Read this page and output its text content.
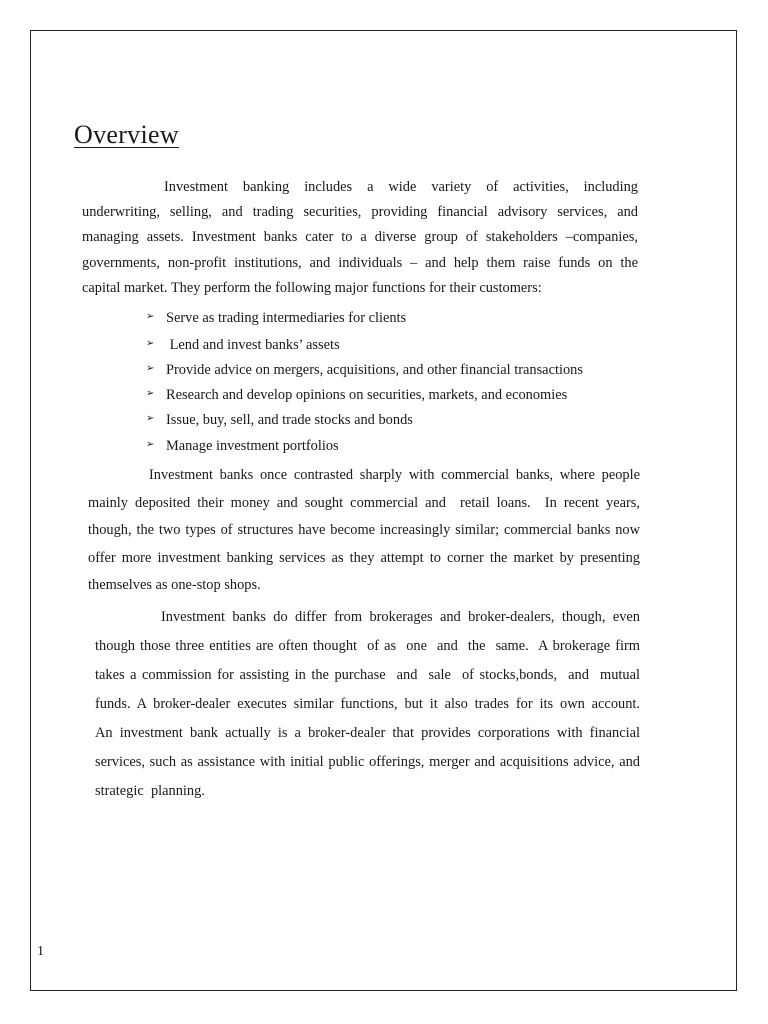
Overview

Investment banking includes a wide variety of activities, including
underwriting, selling, and trading securities, providing financial advisory services, and
managing assets. Investment banks cater to a diverse group of stakeholders –companies,
governments, non-profit institutions, and individuals – and help them raise funds on the
capital market. They perform the following major functions for their customers:

➢ Serve as trading intermediaries for clients
➢ Lend and invest banks’ assets
➢ Provide advice on mergers, acquisitions, and other financial transactions
➢ Research and develop opinions on securities, markets, and economies
➢ Issue, buy, sell, and trade stocks and bonds
➢ Manage investment portfolios

Investment banks once contrasted sharply with commercial banks, where people
mainly deposited their money and sought commercial and  retail loans.  In recent years,
though, the two types of structures have become increasingly similar; commercial banks now
offer more investment banking services as they attempt to corner the market by presenting
themselves as one-stop shops.

Investment banks do differ from brokerages and broker-dealers, though, even
though those three entities are often thought  of as  one  and  the  same.  A brokerage firm
takes a commission for assisting in the purchase  and  sale  of stocks,bonds,  and  mutual
funds. A broker-dealer executes similar functions, but it also trades for its own account.
An investment bank actually is a broker-dealer that provides corporations with financial
services, such as assistance with initial public offerings, merger and acquisitions advice, and
strategic  planning.

1
